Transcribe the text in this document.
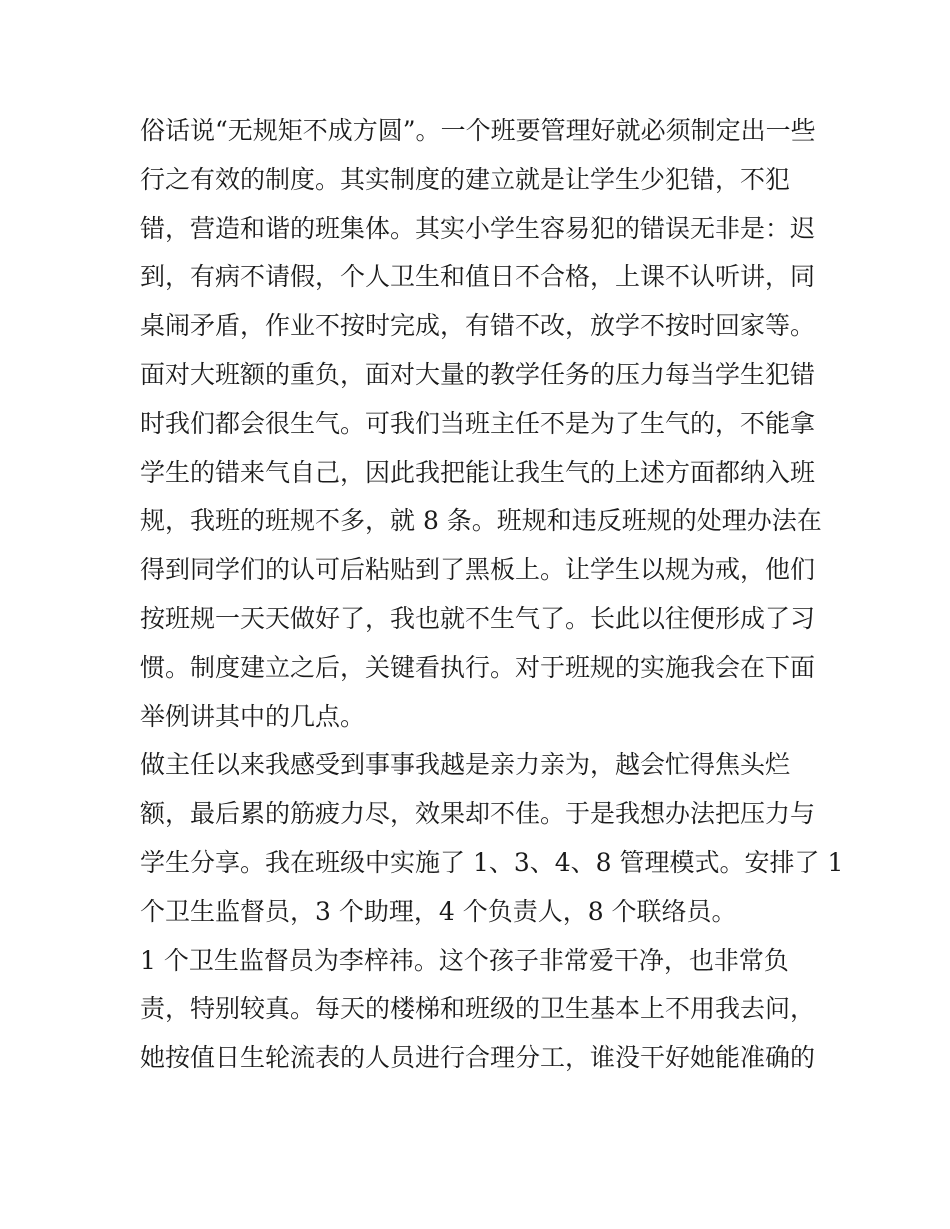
俗话说“无规矩不成方圆”。一个班要管理好就必须制定出一些
行之有效的制度。其实制度的建立就是让学生少犯错，不犯
错，营造和谐的班集体。其实小学生容易犯的错误无非是：迟
到，有病不请假，个人卫生和值日不合格，上课不认听讲，同
桌闹矛盾，作业不按时完成，有错不改，放学不按时回家等。
面对大班额的重负，面对大量的教学任务的压力每当学生犯错
时我们都会很生气。可我们当班主任不是为了生气的，不能拿
学生的错来气自己，因此我把能让我生气的上述方面都纳入班
规，我班的班规不多，就 8 条。班规和违反班规的处理办法在
得到同学们的认可后粘贴到了黑板上。让学生以规为戒，他们
按班规一天天做好了，我也就不生气了。长此以往便形成了习
惯。制度建立之后，关键看执行。对于班规的实施我会在下面
举例讲其中的几点。
做主任以来我感受到事事我越是亲力亲为，越会忙得焦头烂
额，最后累的筋疲力尽，效果却不佳。于是我想办法把压力与
学生分享。我在班级中实施了 1、3、4、8 管理模式。安排了 1
个卫生监督员，3 个助理，4 个负责人，8 个联络员。
1 个卫生监督员为李梓祎。这个孩子非常爱干净，也非常负
责，特别较真。每天的楼梯和班级的卫生基本上不用我去问，
她按值日生轮流表的人员进行合理分工，谁没干好她能准确的
